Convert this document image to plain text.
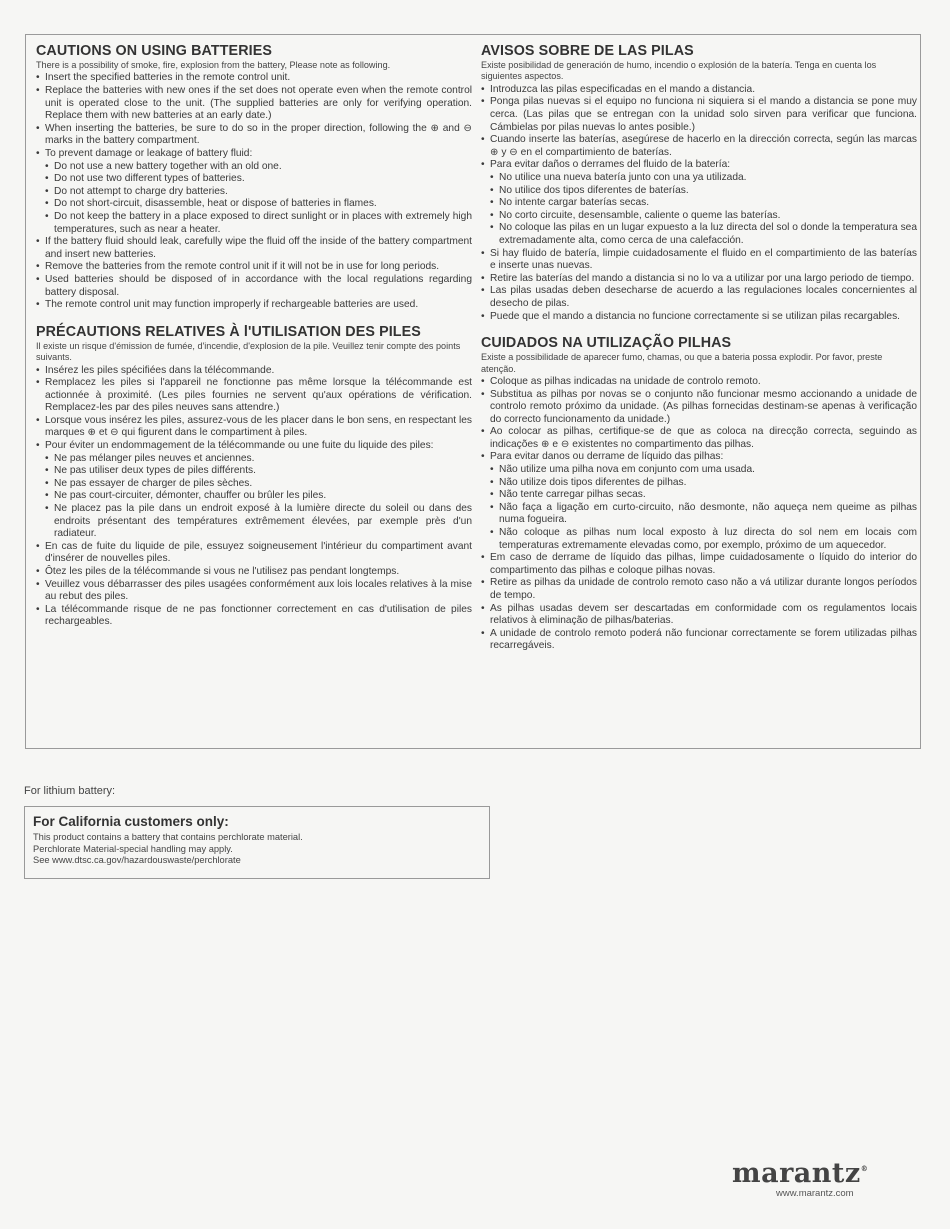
CAUTIONS ON USING BATTERIES

There is a possibility of smoke, fire, explosion from the battery, Please note as following.

• Insert the specified batteries in the remote control unit.
• Replace the batteries with new ones if the set does not operate even when the remote control unit is operated close to the unit. (The supplied batteries are only for verifying operation. Replace them with new batteries at an early date.)
• When inserting the batteries, be sure to do so in the proper direction, following the ⊕ and ⊖ marks in the battery compartment.
• To prevent damage or leakage of battery fluid:
• Do not use a new battery together with an old one.
• Do not use two different types of batteries.
• Do not attempt to charge dry batteries.
• Do not short-circuit, disassemble, heat or dispose of batteries in flames.
• Do not keep the battery in a place exposed to direct sunlight or in places with extremely high temperatures, such as near a heater.
• If the battery fluid should leak, carefully wipe the fluid off the inside of the battery compartment and insert new batteries.
• Remove the batteries from the remote control unit if it will not be in use for long periods.
• Used batteries should be disposed of in accordance with the local regulations regarding battery disposal.
• The remote control unit may function improperly if rechargeable batteries are used.
PRÉCAUTIONS RELATIVES À l'UTILISATION DES PILES

Il existe un risque d'émission de fumée, d'incendie, d'explosion de la pile. Veuillez tenir compte des points suivants.

• Insérez les piles spécifiées dans la télécommande.
• Remplacez les piles si l'appareil ne fonctionne pas même lorsque la télécommande est actionnée à proximité. (Les piles fournies ne servent qu'aux opérations de vérification. Remplacez-les par des piles neuves sans attendre.)
• Lorsque vous insérez les piles, assurez-vous de les placer dans le bon sens, en respectant les marques ⊕ et ⊖ qui figurent dans le compartiment à piles.
• Pour éviter un endommagement de la télécommande ou une fuite du liquide des piles:
• Ne pas mélanger piles neuves et anciennes.
• Ne pas utiliser deux types de piles différents.
• Ne pas essayer de charger de piles sèches.
• Ne pas court-circuiter, démonter, chauffer ou brûler les piles.
• Ne placez pas la pile dans un endroit exposé à la lumière directe du soleil ou dans des endroits présentant des températures extrêmement élevées, par exemple près d'un radiateur.
• En cas de fuite du liquide de pile, essuyez soigneusement l'intérieur du compartiment avant d'insérer de nouvelles piles.
• Ôtez les piles de la télécommande si vous ne l'utilisez pas pendant longtemps.
• Veuillez vous débarrasser des piles usagées conformément aux lois locales relatives à la mise au rebut des piles.
• La télécommande risque de ne pas fonctionner correctement en cas d'utilisation de piles rechargeables.
AVISOS SOBRE DE LAS PILAS

Existe posibilidad de generación de humo, incendio o explosión de la batería. Tenga en cuenta los siguientes aspectos.

• Introduzca las pilas especificadas en el mando a distancia.
• Ponga pilas nuevas si el equipo no funciona ni siquiera si el mando a distancia se pone muy cerca. (Las pilas que se entregan con la unidad solo sirven para verificar que funciona. Cámbielas por pilas nuevas lo antes posible.)
• Cuando inserte las baterías, asegúrese de hacerlo en la dirección correcta, según las marcas ⊕ y ⊖ en el compartimiento de baterías.
• Para evitar daños o derrames del fluido de la batería:
• No utilice una nueva batería junto con una ya utilizada.
• No utilice dos tipos diferentes de baterías.
• No intente cargar baterías secas.
• No corto circuite, desensamble, caliente o queme las baterías.
• No coloque las pilas en un lugar expuesto a la luz directa del sol o donde la temperatura sea extremadamente alta, como cerca de una calefacción.
• Si hay fluido de batería, limpie cuidadosamente el fluido en el compartimiento de las baterías e inserte unas nuevas.
• Retire las baterías del mando a distancia si no lo va a utilizar por una largo periodo de tiempo.
• Las pilas usadas deben desecharse de acuerdo a las regulaciones locales concernientes al desecho de pilas.
• Puede que el mando a distancia no funcione correctamente si se utilizan pilas recargables.
CUIDADOS NA UTILIZAÇÃO PILHAS

Existe a possibilidade de aparecer fumo, chamas, ou que a bateria possa explodir. Por favor, preste atenção.

• Coloque as pilhas indicadas na unidade de controlo remoto.
• Substitua as pilhas por novas se o conjunto não funcionar mesmo accionando a unidade de controlo remoto próximo da unidade. (As pilhas fornecidas destinam-se apenas à verificação do correcto funcionamento da unidade.)
• Ao colocar as pilhas, certifique-se de que as coloca na direcção correcta, seguindo as indicações ⊕ e ⊖ existentes no compartimento das pilhas.
• Para evitar danos ou derrame de líquido das pilhas:
• Não utilize uma pilha nova em conjunto com uma usada.
• Não utilize dois tipos diferentes de pilhas.
• Não tente carregar pilhas secas.
• Não faça a ligação em curto-circuito, não desmonte, não aqueça nem queime as pilhas numa fogueira.
• Não coloque as pilhas num local exposto à luz directa do sol nem em locais com temperaturas extremamente elevadas como, por exemplo, próximo de um aquecedor.
• Em caso de derrame de líquido das pilhas, limpe cuidadosamente o líquido do interior do compartimento das pilhas e coloque pilhas novas.
• Retire as pilhas da unidade de controlo remoto caso não a vá utilizar durante longos períodos de tempo.
• As pilhas usadas devem ser descartadas em conformidade com os regulamentos locais relativos à eliminação de pilhas/baterias.
• A unidade de controlo remoto poderá não funcionar correctamente se forem utilizadas pilhas recarregáveis.
For lithium battery:
For California customers only:
This product contains a battery that contains perchlorate material.
Perchlorate Material-special handling may apply.
See www.dtsc.ca.gov/hazardouswaste/perchlorate
marantz®
www.marantz.com
